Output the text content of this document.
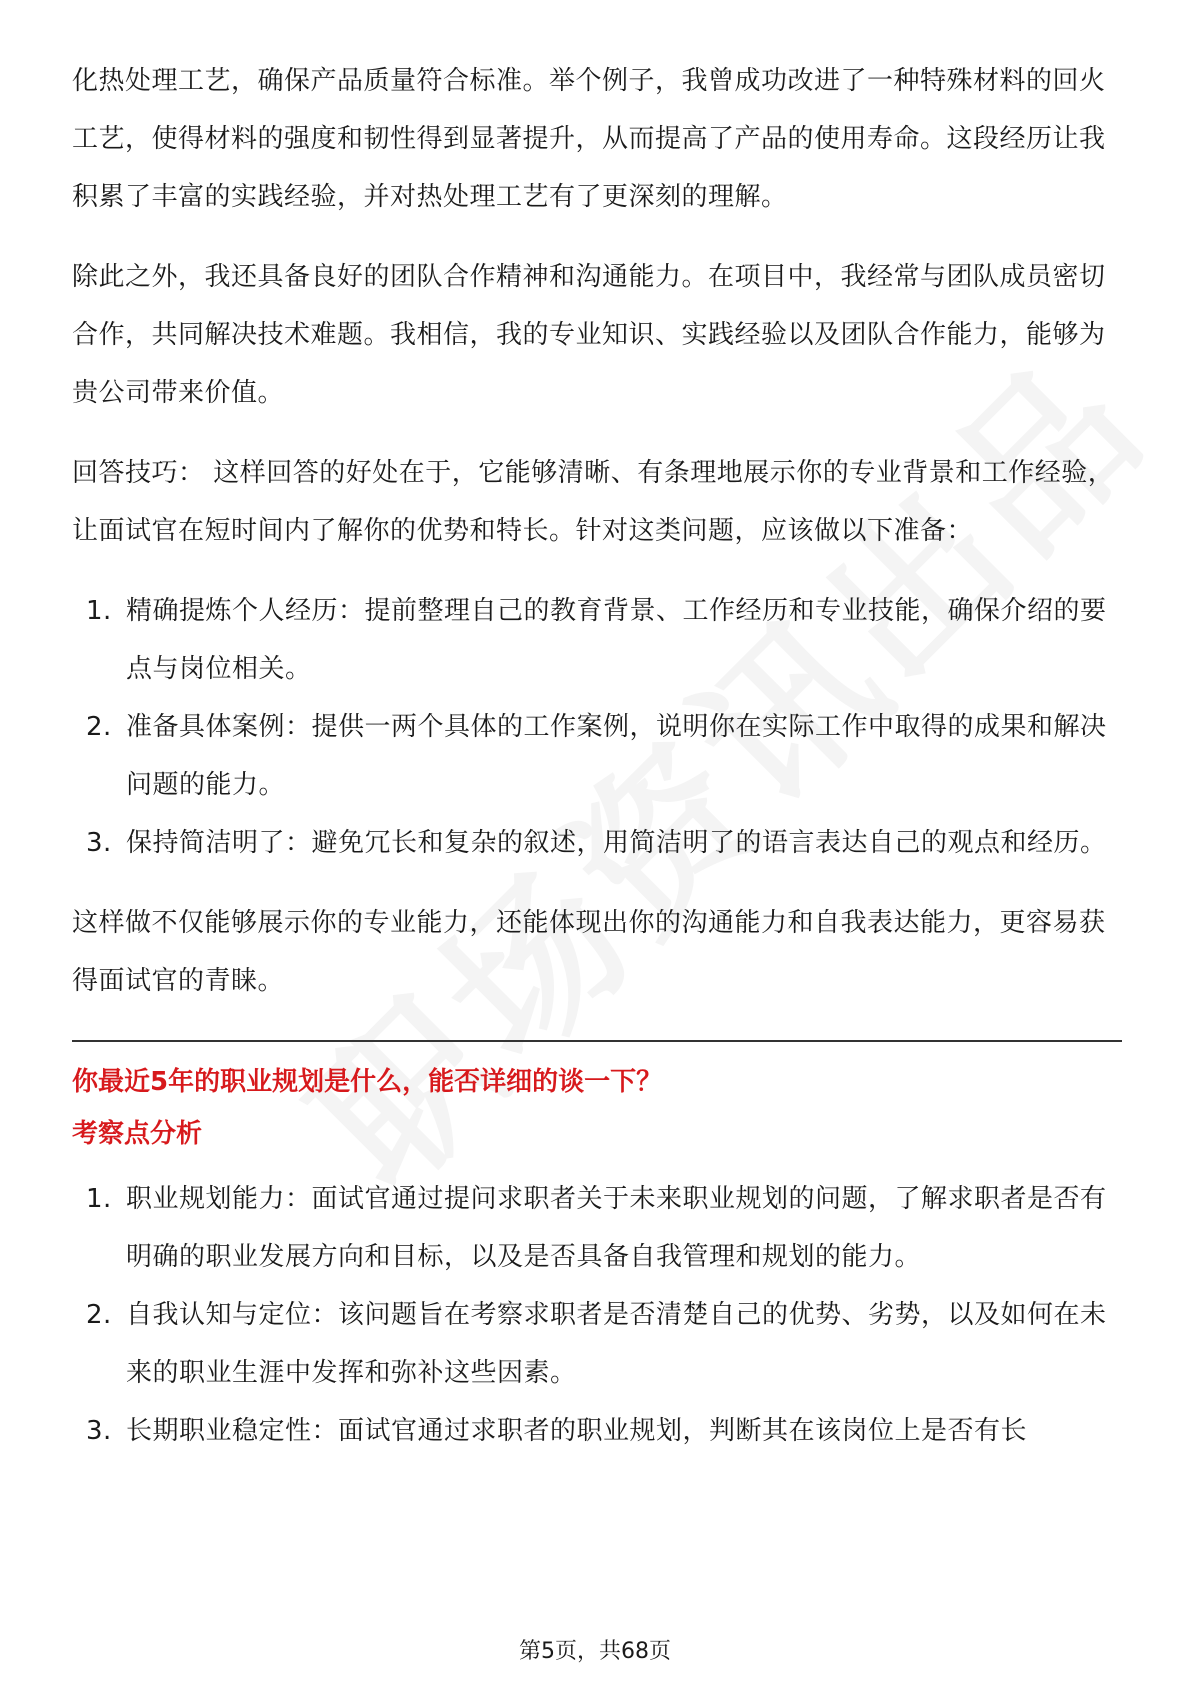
化热处理工艺，确保产品质量符合标准。举个例子，我曾成功改进了一种特殊材料的回火工艺，使得材料的强度和韧性得到显著提升，从而提高了产品的使用寿命。这段经历让我积累了丰富的实践经验，并对热处理工艺有了更深刻的理解。

除此之外，我还具备良好的团队合作精神和沟通能力。在项目中，我经常与团队成员密切合作，共同解决技术难题。我相信，我的专业知识、实践经验以及团队合作能力，能够为贵公司带来价值。

回答技巧： 这样回答的好处在于，它能够清晰、有条理地展示你的专业背景和工作经验，让面试官在短时间内了解你的优势和特长。针对这类问题，应该做以下准备：

1. 精确提炼个人经历：提前整理自己的教育背景、工作经历和专业技能，确保介绍的要点与岗位相关。
2. 准备具体案例：提供一两个具体的工作案例，说明你在实际工作中取得的成果和解决问题的能力。
3. 保持简洁明了：避免冗长和复杂的叙述，用简洁明了的语言表达自己的观点和经历。

这样做不仅能够展示你的专业能力，还能体现出你的沟通能力和自我表达能力，更容易获得面试官的青睐。

你最近5年的职业规划是什么，能否详细的谈一下？

考察点分析

1. 职业规划能力：面试官通过提问求职者关于未来职业规划的问题，了解求职者是否有明确的职业发展方向和目标，以及是否具备自我管理和规划的能力。
2. 自我认知与定位：该问题旨在考察求职者是否清楚自己的优势、劣势，以及如何在未来的职业生涯中发挥和弥补这些因素。
3. 长期职业稳定性：面试官通过求职者的职业规划，判断其在该岗位上是否有长
第5页，共68页
